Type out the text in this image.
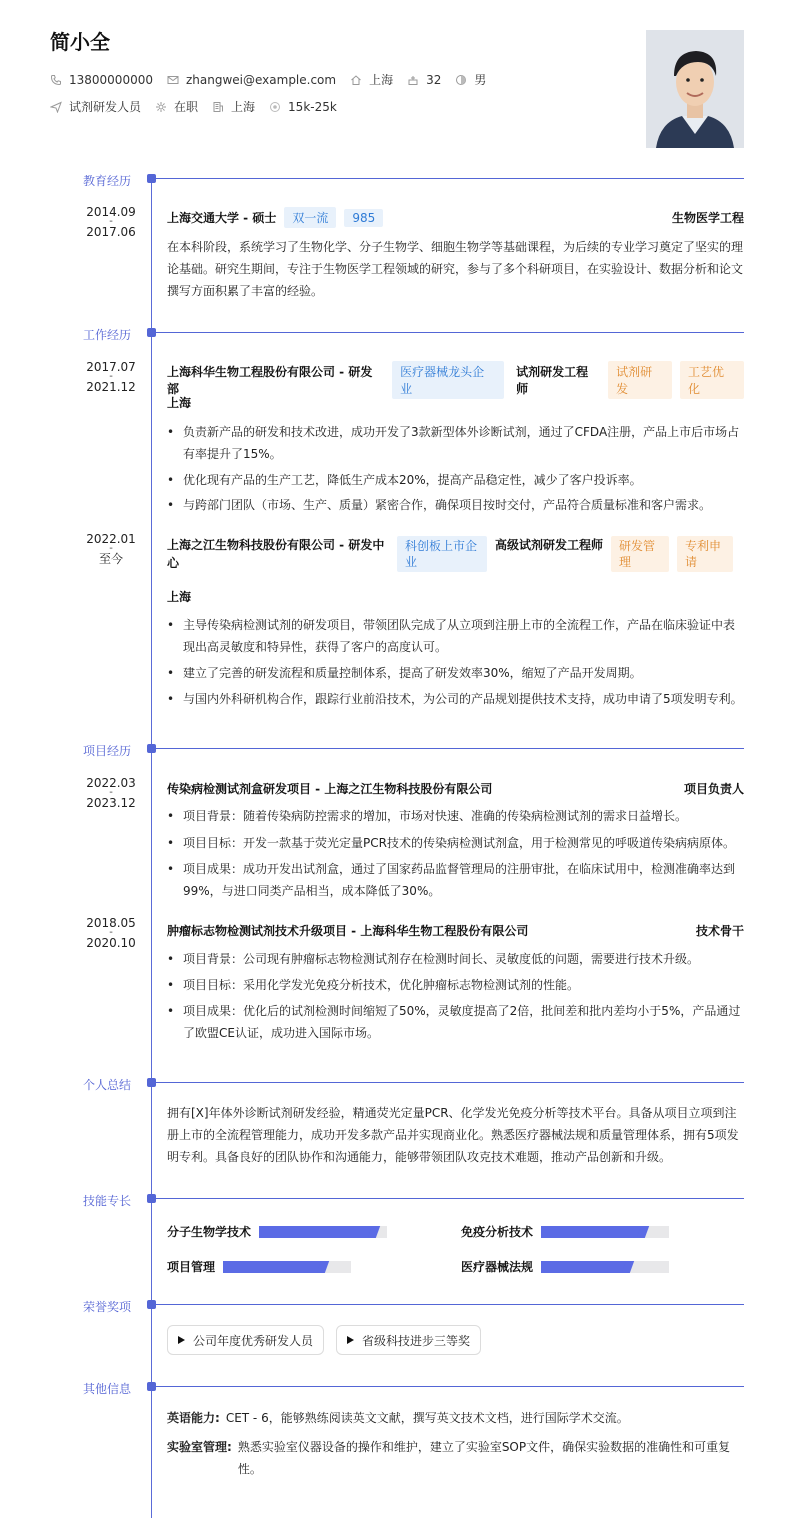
简小全
13800000000	zhangwei@example.com	上海	32	男
试剂研发人员	在职	上海	15k-25k
教育经历
2014.09
-
2017.06
上海交通大学 - 硕士	双一流	985	生物医学工程
在本科阶段，系统学习了生物化学、分子生物学、细胞生物学等基础课程，为后续的专业学习奠定了坚实的理论基础。研究生期间，专注于生物医学工程领域的研究，参与了多个科研项目，在实验设计、数据分析和论文撰写方面积累了丰富的经验。
工作经历
2017.07
-
2021.12
上海科华生物工程股份有限公司 - 研发部
医疗器械龙头企业
试剂研发工程师
试剂研发
工艺优化
上海
• 负责新产品的研发和技术改进，成功开发了3款新型体外诊断试剂，通过了CFDA注册，产品上市后市场占有率提升了15%。
• 优化现有产品的生产工艺，降低生产成本20%，提高产品稳定性，减少了客户投诉率。
• 与跨部门团队（市场、生产、质量）紧密合作，确保项目按时交付，产品符合质量标准和客户需求。
2022.01
-
至今
上海之江生物科技股份有限公司 - 研发中心
科创板上市企业
高级试剂研发工程师	研发管理
专利申请
上海
• 主导传染病检测试剂的研发项目，带领团队完成了从立项到注册上市的全流程工作，产品在临床验证中表现出高灵敏度和特异性，获得了客户的高度认可。
• 建立了完善的研发流程和质量控制体系，提高了研发效率30%，缩短了产品开发周期。
• 与国内外科研机构合作，跟踪行业前沿技术，为公司的产品规划提供技术支持，成功申请了5项发明专利。
项目经历
2022.03
-
2023.12
传染病检测试剂盒研发项目 - 上海之江生物科技股份有限公司	项目负责人
• 项目背景：随着传染病防控需求的增加，市场对快速、准确的传染病检测试剂的需求日益增长。
• 项目目标：开发一款基于荧光定量PCR技术的传染病检测试剂盒，用于检测常见的呼吸道传染病病原体。
• 项目成果：成功开发出试剂盒，通过了国家药品监督管理局的注册审批，在临床试用中，检测准确率达到99%，与进口同类产品相当，成本降低了30%。
2018.05
-
2020.10
肿瘤标志物检测试剂技术升级项目 - 上海科华生物工程股份有限公司	技术骨干
• 项目背景：公司现有肿瘤标志物检测试剂存在检测时间长、灵敏度低的问题，需要进行技术升级。
• 项目目标：采用化学发光免疫分析技术，优化肿瘤标志物检测试剂的性能。
• 项目成果：优化后的试剂检测时间缩短了50%，灵敏度提高了2倍，批间差和批内差均小于5%，产品通过了欧盟CE认证，成功进入国际市场。
个人总结
拥有[X]年体外诊断试剂研发经验，精通荧光定量PCR、化学发光免疫分析等技术平台。具备从项目立项到注册上市的全流程管理能力，成功开发多款产品并实现商业化。熟悉医疗器械法规和质量管理体系，拥有5项发明专利。具备良好的团队协作和沟通能力，能够带领团队攻克技术难题，推动产品创新和升级。
技能专长
分子生物学技术	免疫分析技术
项目管理	医疗器械法规
荣誉奖项
公司年度优秀研发人员	省级科技进步三等奖
其他信息
英语能力: CET - 6，能够熟练阅读英文文献，撰写英文技术文档，进行国际学术交流。
实验室管理: 熟悉实验室仪器设备的操作和维护，建立了实验室SOP文件，确保实验数据的准确性和可重复性。
